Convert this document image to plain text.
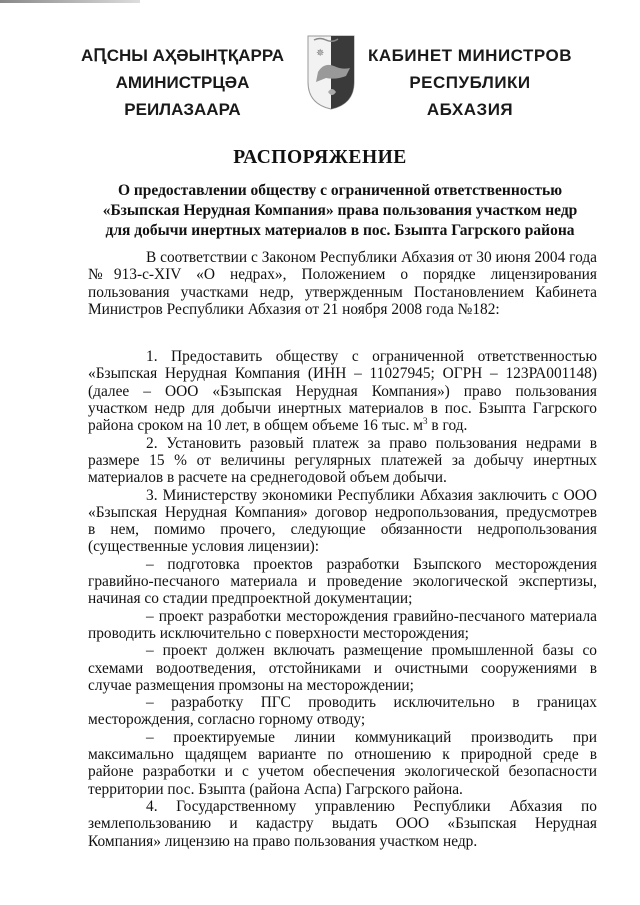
АԤСНЫ АҲӘЫНҬҚАРРА
АМИНИСТРЦӘА РЕИЛАЗААРА
✵	КАБИНЕТ МИНИСТРОВ
РЕСПУБЛИКИ АБХАЗИЯ
РАСПОРЯЖЕНИЕ
О предоставлении обществу с ограниченной ответственностью
«Бзыпская Нерудная Компания» права пользования участком недр
для добычи инертных материалов в пос. Бзыпта Гагрского района
В соответствии с Законом Республики Абхазия от 30 июня 2004 года
№913-с-XIV «О недрах», Положением о порядке лицензирования
пользования участками недр, утвержденным Постановлением Кабинета
Министров Республики Абхазия от 21 ноября 2008 года №182:
1. Предоставить обществу с ограниченной ответственностью
«Бзыпская Нерудная Компания (ИНН – 11027945; ОГРН – 123РА001148)
(далее – ООО «Бзыпская Нерудная Компания») право пользования
участком недр для добычи инертных материалов в пос. Бзыпта Гагрского
района сроком на 10 лет, в общем объеме 16 тыс. $м^3$ в год.
2. Установить разовый платеж за право пользования недрами в
размере 15 % от величины регулярных платежей за добычу инертных
материалов в расчете на среднегодовой объем добычи.
3. Министерству экономики Республики Абхазия заключить с ООО
«Бзыпская Нерудная Компания» договор недропользования, предусмотрев
в нем, помимо прочего, следующие обязанности недропользования
(существенные условия лицензии):
– подготовка проектов разработки Бзыпского месторождения
гравийно-песчаного материала и проведение экологической экспертизы,
начиная со стадии предпроектной документации;
– проект разработки месторождения гравийно-песчаного материала
проводить исключительно с поверхности месторождения;
– проект должен включать размещение промышленной базы со
схемами водоотведения, отстойниками и очистными сооружениями в
случае размещения промзоны на месторождении;
– разработку ПГС проводить исключительно в границах
месторождения, согласно горному отводу;
– проектируемые линии коммуникаций производить при
максимально щадящем варианте по отношению к природной среде в
районе разработки и с учетом обеспечения экологической безопасности
территории пос. Бзыпта (района Аспа) Гагрского района.
4. Государственному управлению Республики Абхазия по
землепользованию и кадастру выдать ООО «Бзыпская Нерудная
Компания» лицензию на право пользования участком недр.
